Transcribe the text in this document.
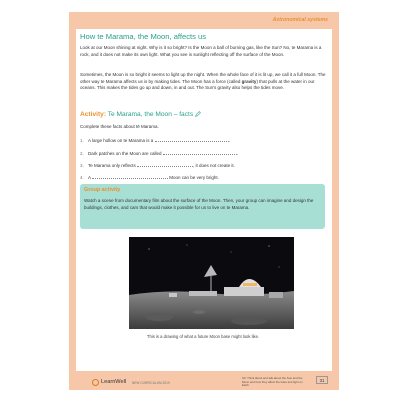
Astronomical systems
How te Marama, the Moon, affects us

Look at our Moon shining at night. Why is it so bright? Is the Moon a ball of burning gas, like the Sun? No, te Marama is a rock, and it does not make its own light. What you see is sunlight reflecting off the surface of the Moon.

Sometimes, the Moon is so bright it seems to light up the night. When the whole face of it is lit up, we call it a full Moon. The other way te Marama affects us is by making tides. The Moon has a force (called gravity) that pulls at the water in our oceans. This makes the tides go up and down, in and out. The Sun's gravity also helps the tides move.

Activity: Te Marama, the Moon – facts
Complete these facts about tē Marama.
1. A large hollow on te Marama is a	.
2. Dark patches on the Moon are called	.
3. Te Marama only reflects	, it does not create it.
4. A	Moon can be very bright.
Group activity

Watch a scene from documentary film about the surface of the Moon. Then, your group can imagine and design the buildings, clothes, and cars that would make it possible for us to live on te Marama.

This is a drawing of what a future Moon base might look like.
LearnWell NEW CURRICULUM 2019
S3: Think about and talk about the Sun and the Moon and how they affect the tides and light on Earth.
31
